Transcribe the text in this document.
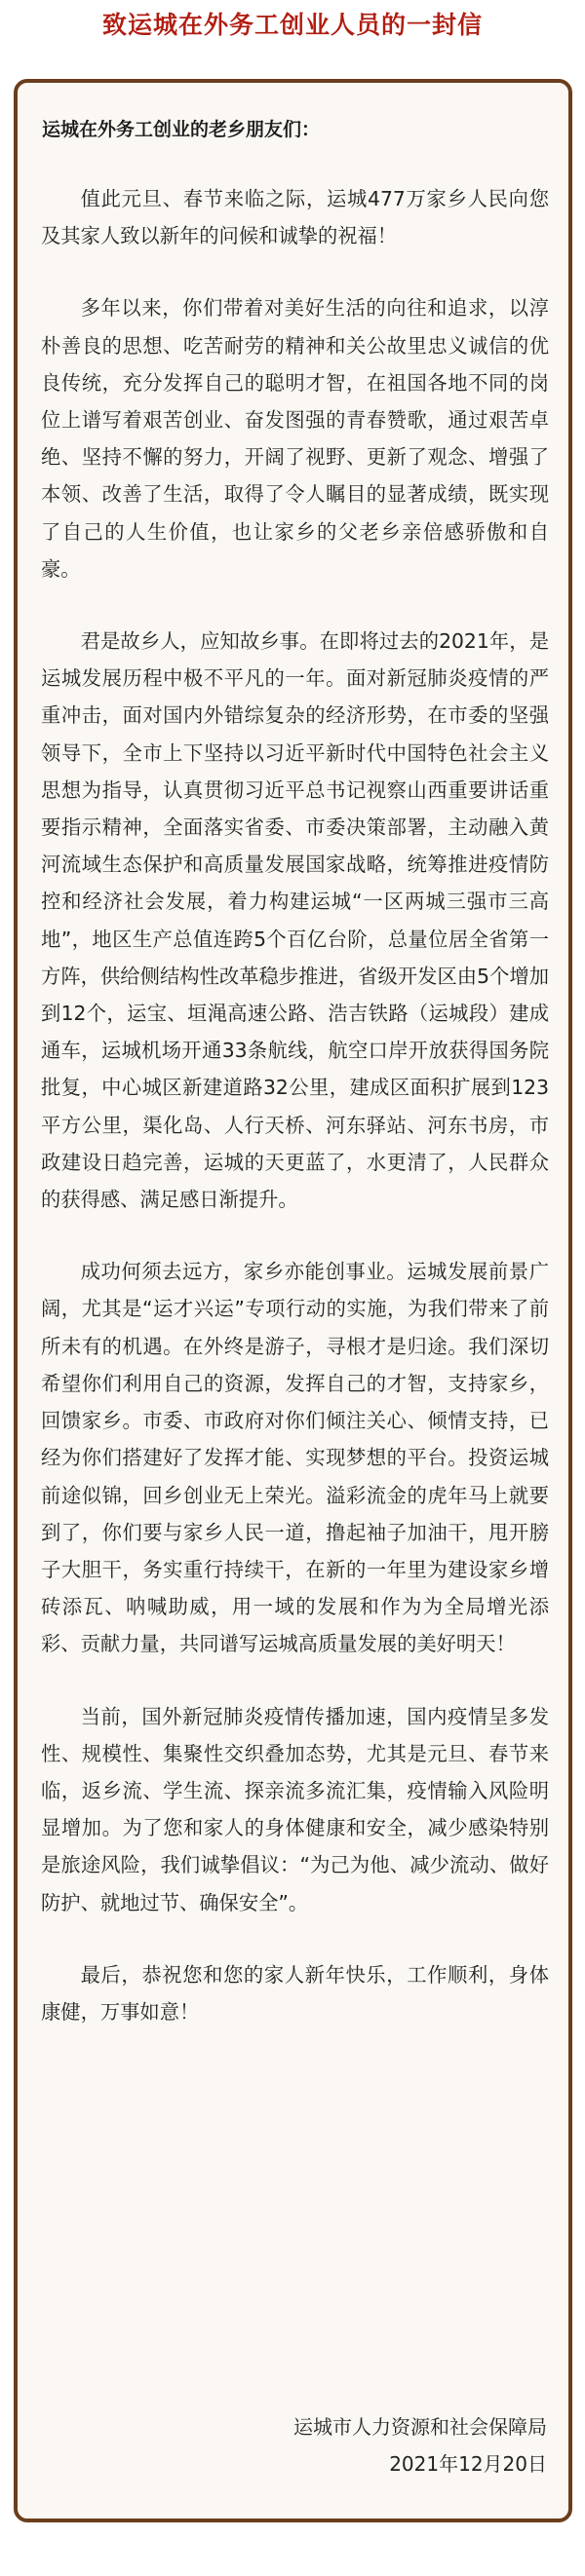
致运城在外务工创业人员的一封信
运城在外务工创业的老乡朋友们：

值此元旦、春节来临之际，运城477万家乡人民向您及其家人致以新年的问候和诚挚的祝福！

多年以来，你们带着对美好生活的向往和追求，以淳朴善良的思想、吃苦耐劳的精神和关公故里忠义诚信的优良传统，充分发挥自己的聪明才智，在祖国各地不同的岗位上谱写着艰苦创业、奋发图强的青春赞歌，通过艰苦卓绝、坚持不懈的努力，开阔了视野、更新了观念、增强了本领、改善了生活，取得了令人瞩目的显著成绩，既实现了自己的人生价值，也让家乡的父老乡亲倍感骄傲和自豪。

君是故乡人，应知故乡事。在即将过去的2021年，是运城发展历程中极不平凡的一年。面对新冠肺炎疫情的严重冲击，面对国内外错综复杂的经济形势，在市委的坚强领导下，全市上下坚持以习近平新时代中国特色社会主义思想为指导，认真贯彻习近平总书记视察山西重要讲话重要指示精神，全面落实省委、市委决策部署，主动融入黄河流域生态保护和高质量发展国家战略，统筹推进疫情防控和经济社会发展，着力构建运城“一区两城三强市三高地”，地区生产总值连跨5个百亿台阶，总量位居全省第一方阵，供给侧结构性改革稳步推进，省级开发区由5个增加到12个，运宝、垣渑高速公路、浩吉铁路（运城段）建成通车，运城机场开通33条航线，航空口岸开放获得国务院批复，中心城区新建道路32公里，建成区面积扩展到123平方公里，渠化岛、人行天桥、河东驿站、河东书房，市政建设日趋完善，运城的天更蓝了，水更清了，人民群众的获得感、满足感日渐提升。

成功何须去远方，家乡亦能创事业。运城发展前景广阔，尤其是“运才兴运”专项行动的实施，为我们带来了前所未有的机遇。在外终是游子，寻根才是归途。我们深切希望你们利用自己的资源，发挥自己的才智，支持家乡，回馈家乡。市委、市政府对你们倾注关心、倾情支持，已经为你们搭建好了发挥才能、实现梦想的平台。投资运城前途似锦，回乡创业无上荣光。溢彩流金的虎年马上就要到了，你们要与家乡人民一道，撸起袖子加油干，甩开膀子大胆干，务实重行持续干，在新的一年里为建设家乡增砖添瓦、呐喊助威，用一域的发展和作为为全局增光添彩、贡献力量，共同谱写运城高质量发展的美好明天！

当前，国外新冠肺炎疫情传播加速，国内疫情呈多发性、规模性、集聚性交织叠加态势，尤其是元旦、春节来临，返乡流、学生流、探亲流多流汇集，疫情输入风险明显增加。为了您和家人的身体健康和安全，减少感染特别是旅途风险，我们诚挚倡议：“为己为他、减少流动、做好防护、就地过节、确保安全”。

最后，恭祝您和您的家人新年快乐，工作顺利，身体康健，万事如意！

运城市人力资源和社会保障局
2021年12月20日
